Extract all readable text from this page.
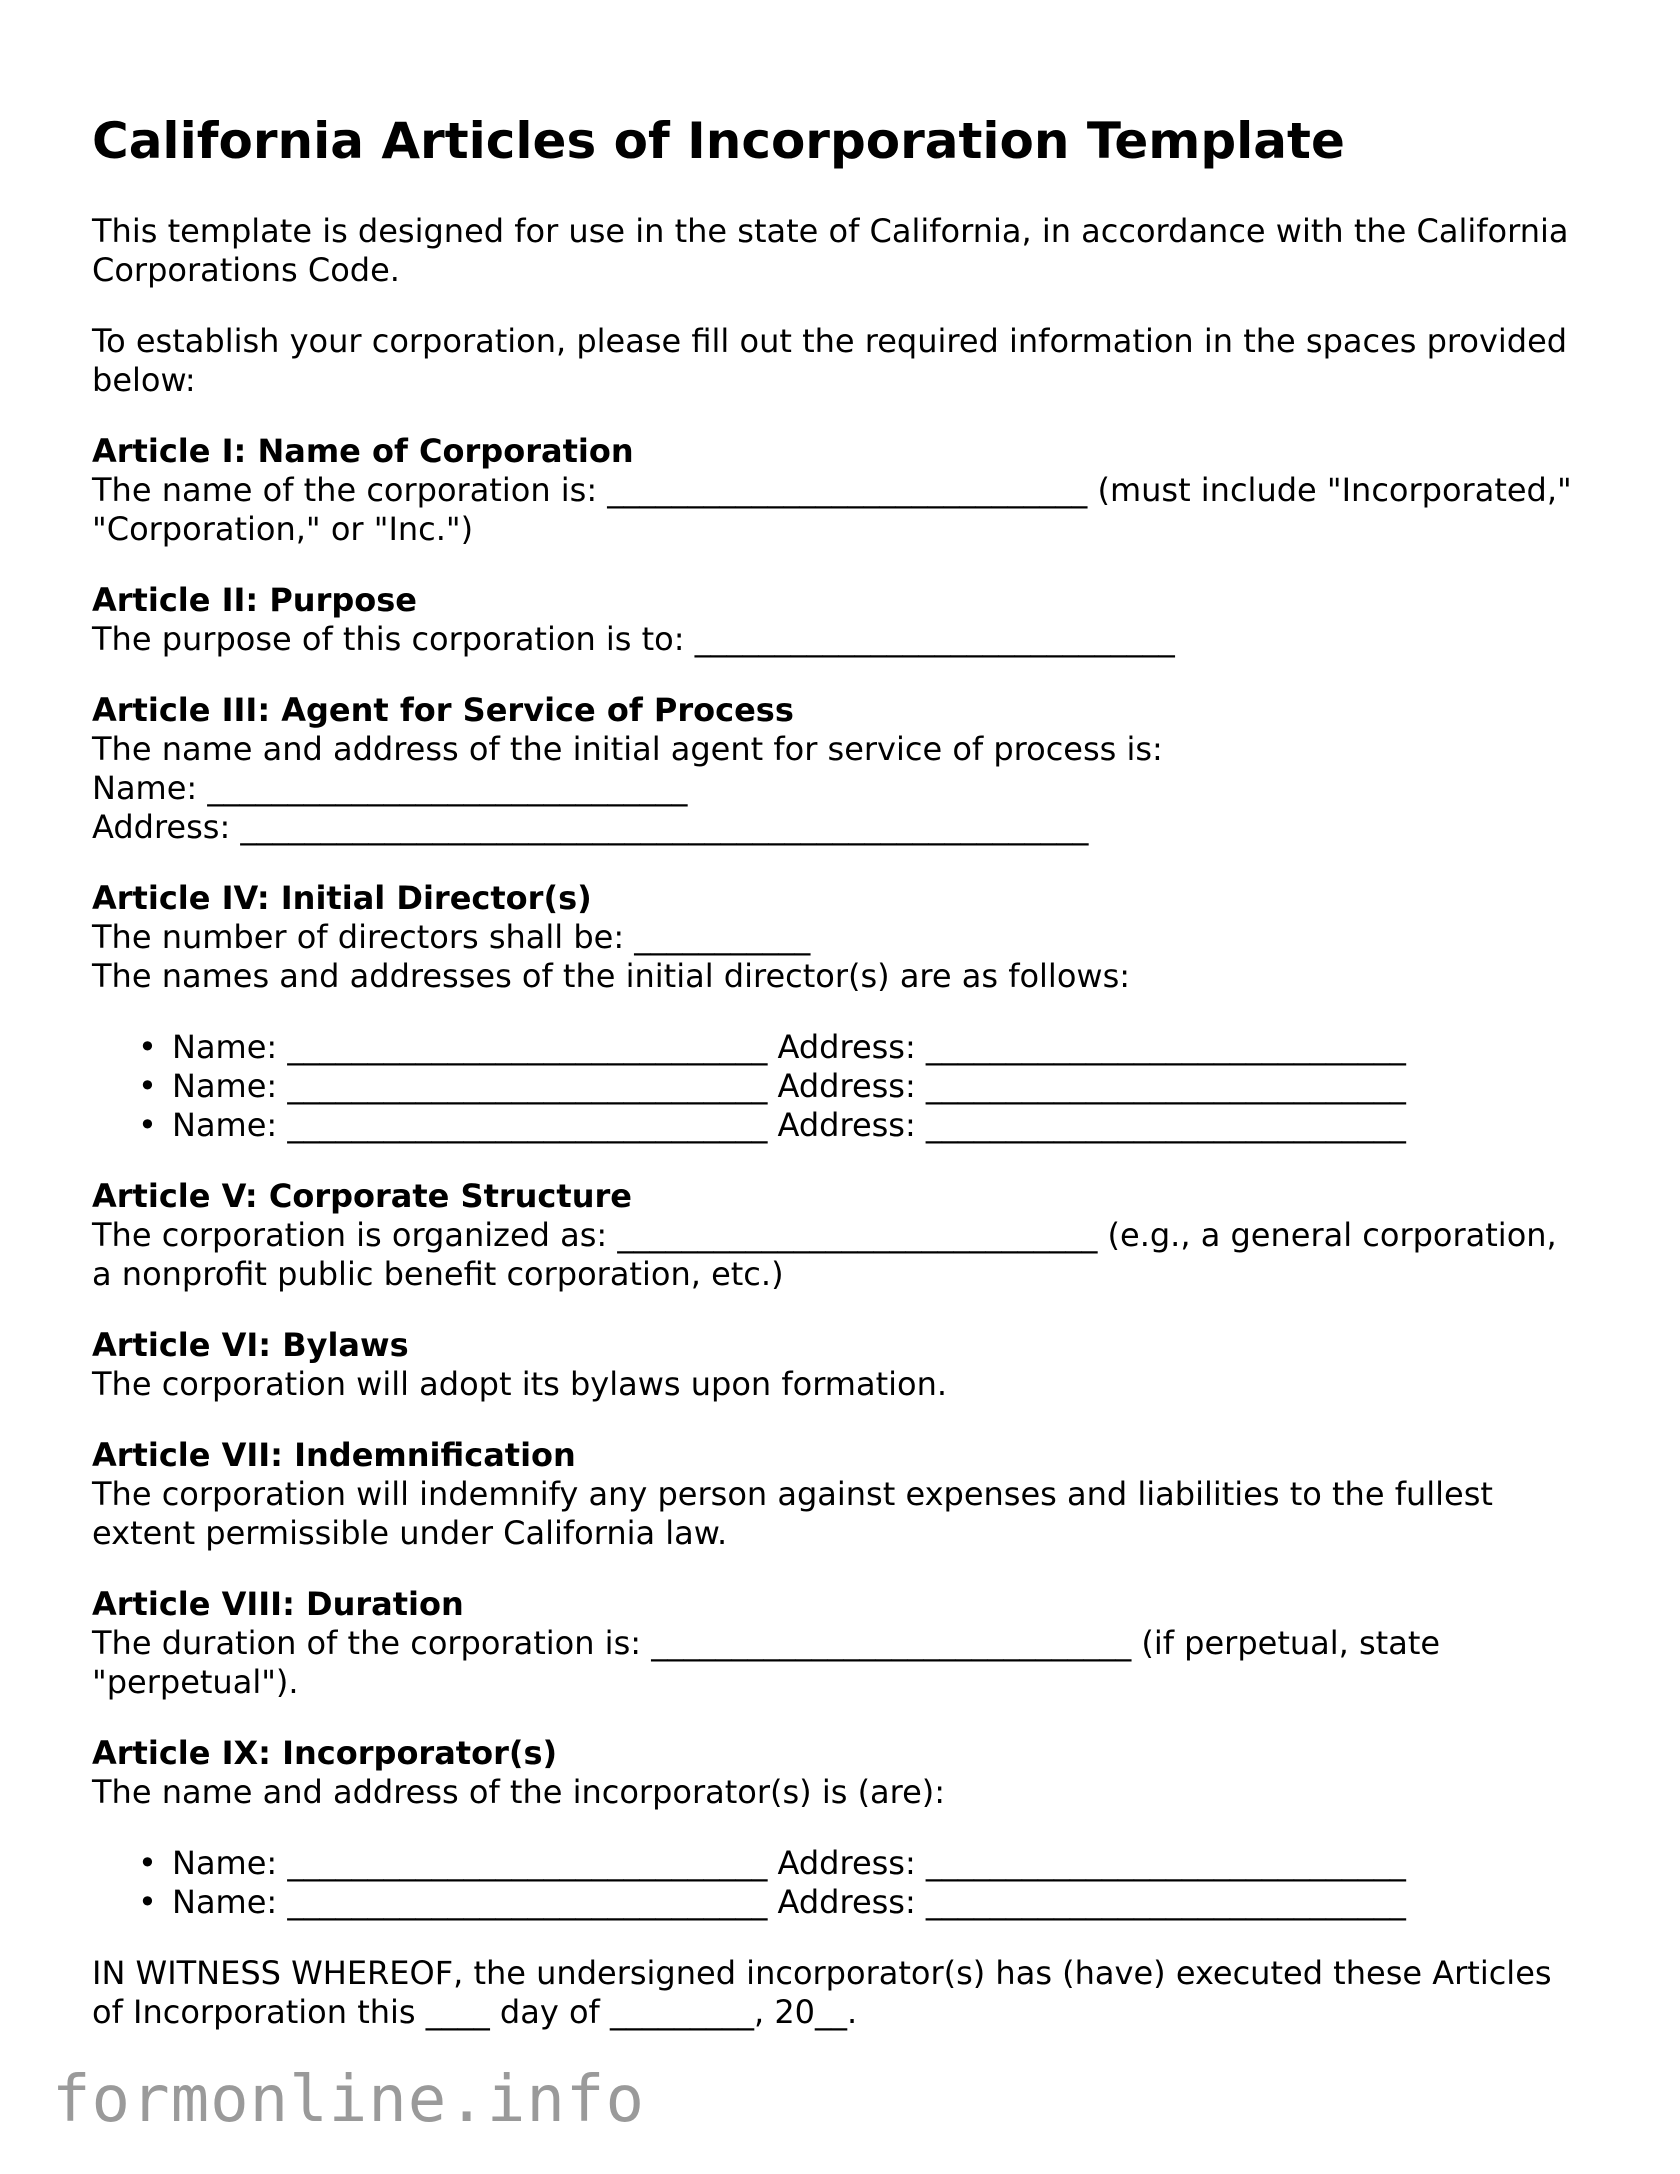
California Articles of Incorporation Template

This template is designed for use in the state of California, in accordance with the California Corporations Code.

To establish your corporation, please fill out the required information in the spaces provided below:

Article I: Name of Corporation
The name of the corporation is: ______________________________ (must include "Incorporated," "Corporation," or "Inc.")
Article II: Purpose
The purpose of this corporation is to: ______________________________
Article III: Agent for Service of Process
The name and address of the initial agent for service of process is:
Name: ______________________________
Address: _____________________________________________________
Article IV: Initial Director(s)
The number of directors shall be: ___________
The names and addresses of the initial director(s) are as follows:
• Name: ______________________________ Address: ______________________________
• Name: ______________________________ Address: ______________________________
• Name: ______________________________ Address: ______________________________
Article V: Corporate Structure
The corporation is organized as: ______________________________ (e.g., a general corporation, a nonprofit public benefit corporation, etc.)
Article VI: Bylaws
The corporation will adopt its bylaws upon formation.
Article VII: Indemnification
The corporation will indemnify any person against expenses and liabilities to the fullest extent permissible under California law.
Article VIII: Duration
The duration of the corporation is: ______________________________ (if perpetual, state "perpetual").
Article IX: Incorporator(s)
The name and address of the incorporator(s) is (are):
• Name: ______________________________ Address: ______________________________
• Name: ______________________________ Address: ______________________________

IN WITNESS WHEREOF, the undersigned incorporator(s) has (have) executed these Articles of Incorporation this ____ day of _________, 20__.

formonline.info
